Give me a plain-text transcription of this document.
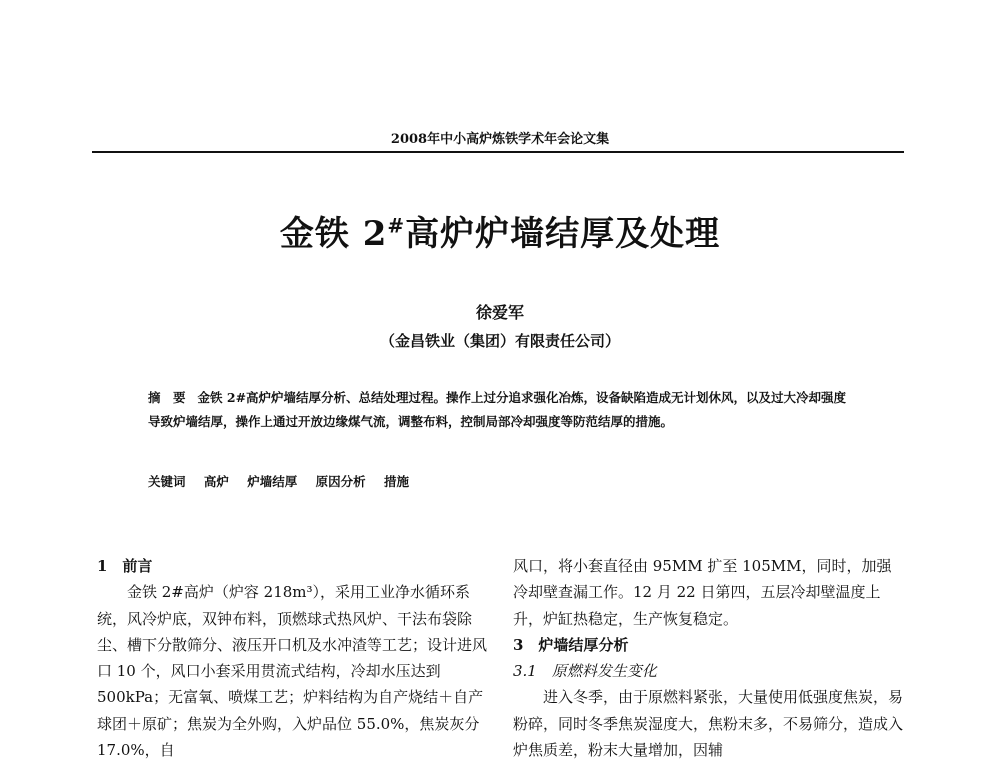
2008年中小高炉炼铁学术年会论文集
金铁 2#高炉炉墙结厚及处理
徐爱军
（金昌铁业（集团）有限责任公司）
摘　要 金铁 2#高炉炉墙结厚分析、总结处理过程。操作上过分追求强化冶炼，设备缺陷造成无计划休风，以及过大冷却强度导致炉墙结厚，操作上通过开放边缘煤气流，调整布料，控制局部冷却强度等防范结厚的措施。
关键词 高炉 炉墙结厚 原因分析 措施

1　前言

金铁 2#高炉（炉容 218m³），采用工业净水循环系统，风冷炉底，双钟布料，顶燃球式热风炉、干法布袋除尘、槽下分散筛分、液压开口机及水冲渣等工艺；设计进风口 10 个，风口小套采用贯流式结构，冷却水压达到 500kPa；无富氧、喷煤工艺；炉料结构为自产烧结＋自产球团＋原矿；焦炭为全外购，入炉品位 55.0%，焦炭灰分 17.0%，自

风口，将小套直径由 95MM 扩至 105MM，同时，加强冷却壁查漏工作。12 月 22 日第四，五层冷却壁温度上升，炉缸热稳定，生产恢复稳定。

3　炉墙结厚分析

3.1　原燃料发生变化

进入冬季，由于原燃料紧张，大量使用低强度焦炭，易粉碎，同时冬季焦炭湿度大，焦粉末多，不易筛分，造成入炉焦质差，粉末大量增加，因辅
